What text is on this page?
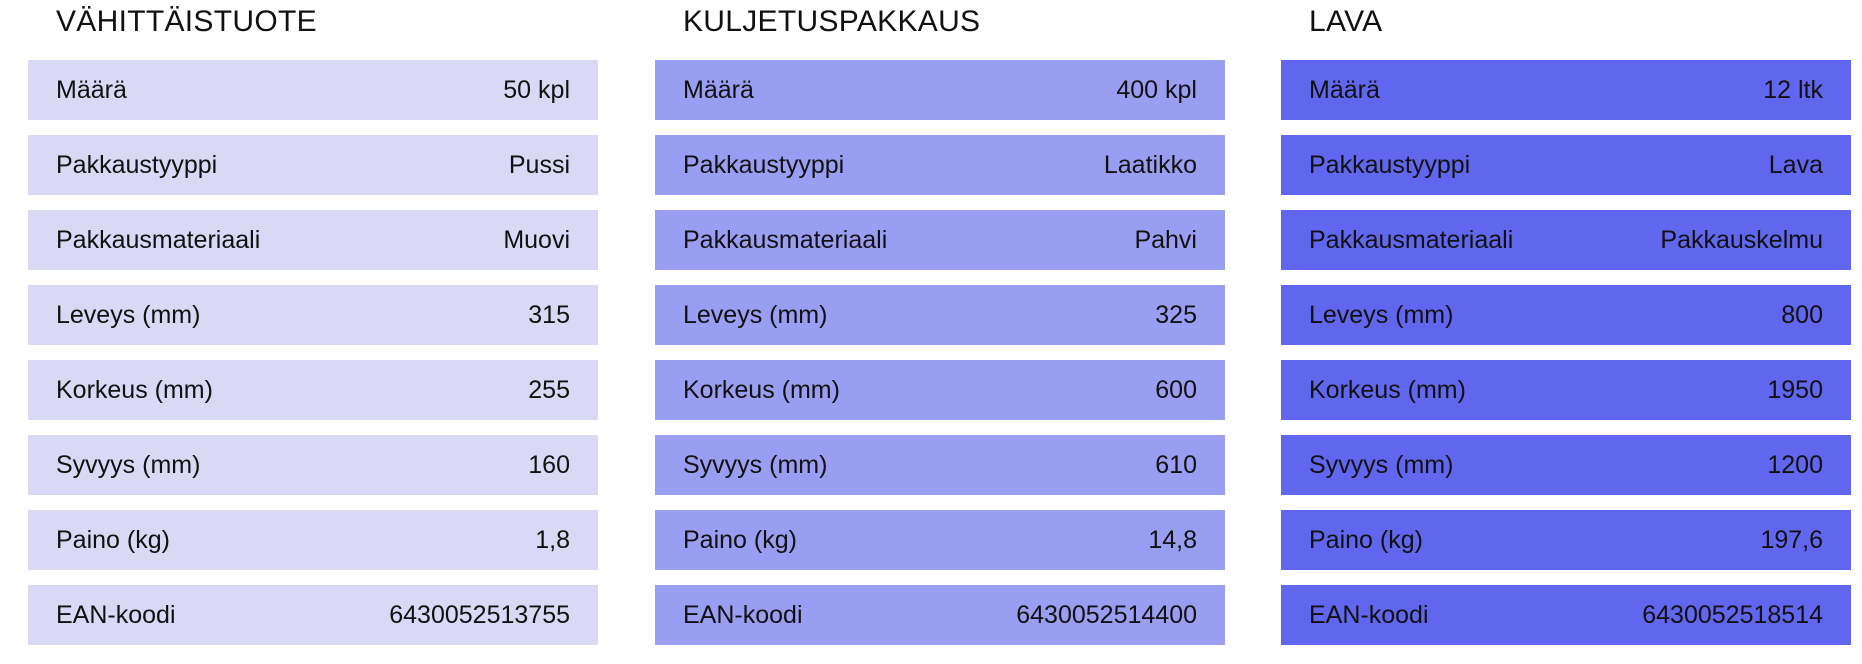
VÄHITTÄISTUOTE
Määrä	50 kpl
Pakkaustyyppi	Pussi
Pakkausmateriaali	Muovi
Leveys (mm)	315
Korkeus (mm)	255
Syvyys (mm)	160
Paino (kg)	1,8
EAN-koodi	6430052513755
KULJETUSPAKKAUS
Määrä	400 kpl
Pakkaustyyppi	Laatikko
Pakkausmateriaali	Pahvi
Leveys (mm)	325
Korkeus (mm)	600
Syvyys (mm)	610
Paino (kg)	14,8
EAN-koodi	6430052514400
LAVA
Määrä	12 ltk
Pakkaustyyppi	Lava
Pakkausmateriaali	Pakkauskelmu
Leveys (mm)	800
Korkeus (mm)	1950
Syvyys (mm)	1200
Paino (kg)	197,6
EAN-koodi	6430052518514
